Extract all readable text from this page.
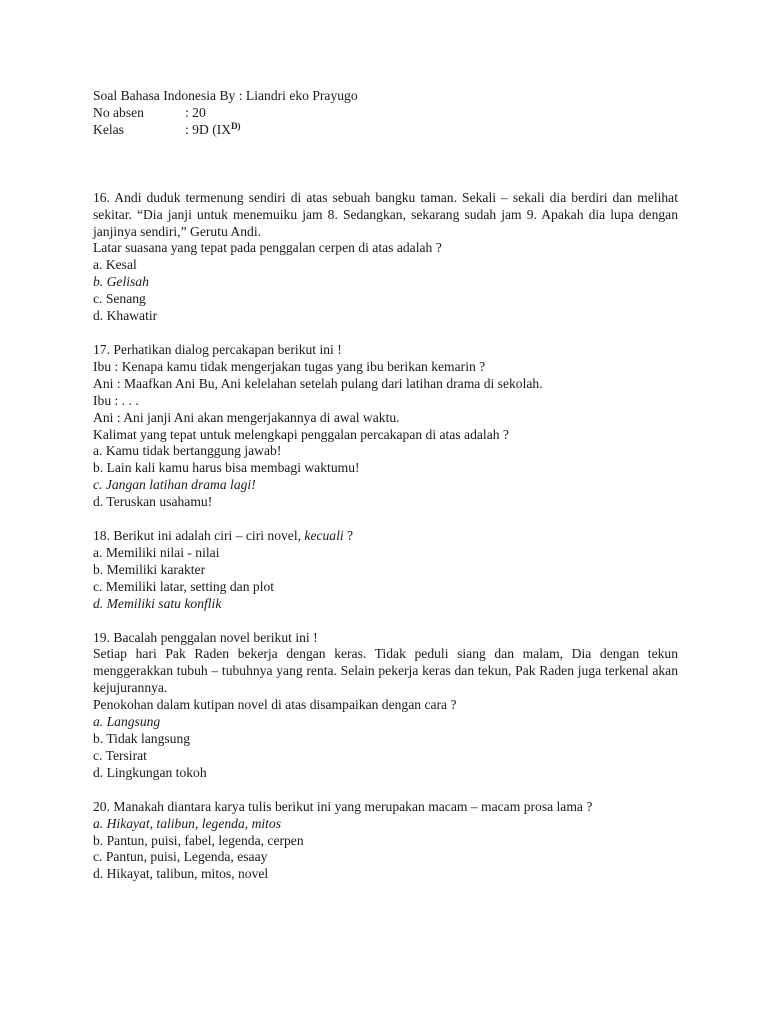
Soal Bahasa Indonesia By : Liandri eko Prayugo
No absen	: 20
Kelas	: 9D ($IX^{D)}$
16. Andi duduk termenung sendiri di atas sebuah bangku taman. Sekali – sekali dia berdiri dan melihat sekitar. “Dia janji untuk menemuiku jam 8. Sedangkan, sekarang sudah jam 9. Apakah dia lupa dengan janjinya sendiri,” Gerutu Andi.
Latar suasana yang tepat pada penggalan cerpen di atas adalah ?
a. Kesal
b. Gelisah
c. Senang
d. Khawatir
17. Perhatikan dialog percakapan berikut ini !
Ibu : Kenapa kamu tidak mengerjakan tugas yang ibu berikan kemarin ?
Ani : Maafkan Ani Bu, Ani kelelahan setelah pulang dari latihan drama di sekolah.
Ibu : . . .
Ani : Ani janji Ani akan mengerjakannya di awal waktu.
Kalimat yang tepat untuk melengkapi penggalan percakapan di atas adalah ?
a. Kamu tidak bertanggung jawab!
b. Lain kali kamu harus bisa membagi waktumu!
c. Jangan latihan drama lagi!
d. Teruskan usahamu!
18. Berikut ini adalah ciri – ciri novel, kecuali ?
a. Memiliki nilai - nilai
b. Memiliki karakter
c. Memiliki latar, setting dan plot
d. Memiliki satu konflik
19. Bacalah penggalan novel berikut ini !
Setiap hari Pak Raden bekerja dengan keras. Tidak peduli siang dan malam, Dia dengan tekun menggerakkan tubuh – tubuhnya yang renta. Selain pekerja keras dan tekun, Pak Raden juga terkenal akan kejujurannya.
Penokohan dalam kutipan novel di atas disampaikan dengan cara ?
a. Langsung
b. Tidak langsung
c. Tersirat
d. Lingkungan tokoh
20. Manakah diantara karya tulis berikut ini yang merupakan macam – macam prosa lama ?
a. Hikayat, talibun, legenda, mitos
b. Pantun, puisi, fabel, legenda, cerpen
c. Pantun, puisi, Legenda, esaay
d. Hikayat, talibun, mitos, novel
